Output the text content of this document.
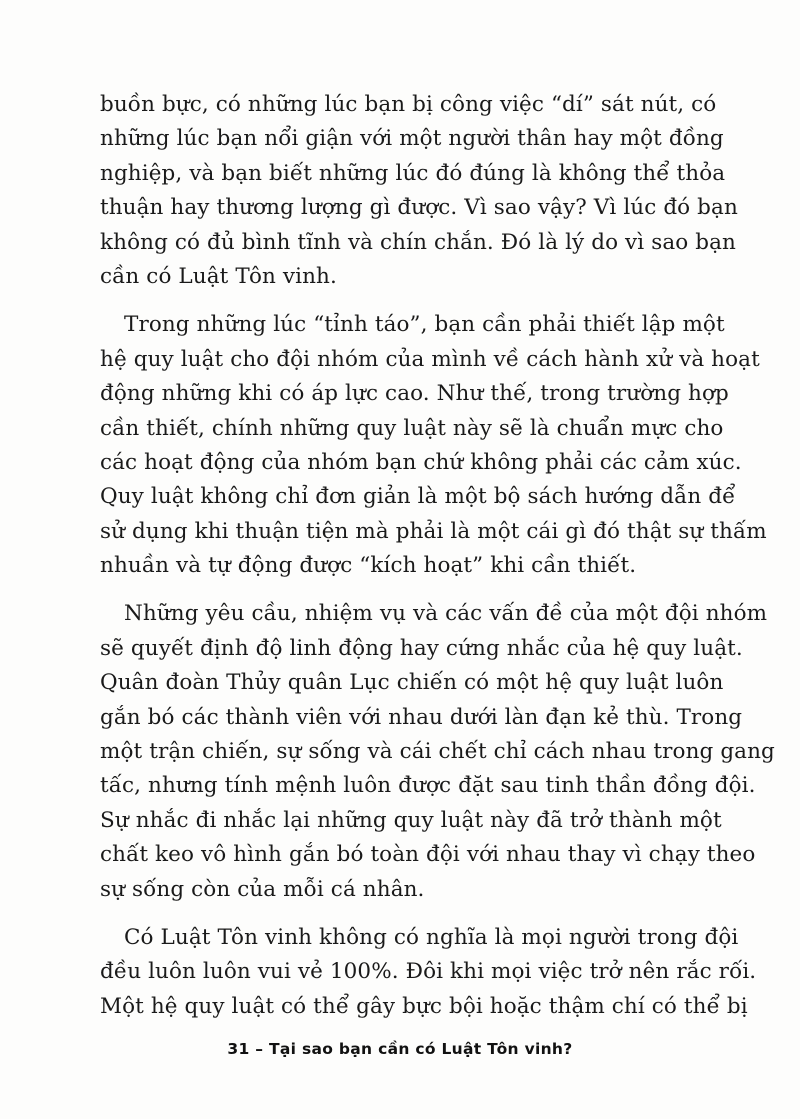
buồn bực, có những lúc bạn bị công việc “dí” sát nút, có
những lúc bạn nổi giận với một người thân hay một đồng
nghiệp, và bạn biết những lúc đó đúng là không thể thỏa
thuận hay thương lượng gì được. Vì sao vậy? Vì lúc đó bạn
không có đủ bình tĩnh và chín chắn. Đó là lý do vì sao bạn
cần có Luật Tôn vinh.
Trong những lúc “tỉnh táo”, bạn cần phải thiết lập một
hệ quy luật cho đội nhóm của mình về cách hành xử và hoạt
động những khi có áp lực cao. Như thế, trong trường hợp
cần thiết, chính những quy luật này sẽ là chuẩn mực cho
các hoạt động của nhóm bạn chứ không phải các cảm xúc.
Quy luật không chỉ đơn giản là một bộ sách hướng dẫn để
sử dụng khi thuận tiện mà phải là một cái gì đó thật sự thấm
nhuần và tự động được “kích hoạt” khi cần thiết.
Những yêu cầu, nhiệm vụ và các vấn đề của một đội nhóm
sẽ quyết định độ linh động hay cứng nhắc của hệ quy luật.
Quân đoàn Thủy quân Lục chiến có một hệ quy luật luôn
gắn bó các thành viên với nhau dưới làn đạn kẻ thù. Trong
một trận chiến, sự sống và cái chết chỉ cách nhau trong gang
tấc, nhưng tính mệnh luôn được đặt sau tinh thần đồng đội.
Sự nhắc đi nhắc lại những quy luật này đã trở thành một
chất keo vô hình gắn bó toàn đội với nhau thay vì chạy theo
sự sống còn của mỗi cá nhân.
Có Luật Tôn vinh không có nghĩa là mọi người trong đội
đều luôn luôn vui vẻ 100%. Đôi khi mọi việc trở nên rắc rối.
Một hệ quy luật có thể gây bực bội hoặc thậm chí có thể bị
31 – Tại sao bạn cần có Luật Tôn vinh?
